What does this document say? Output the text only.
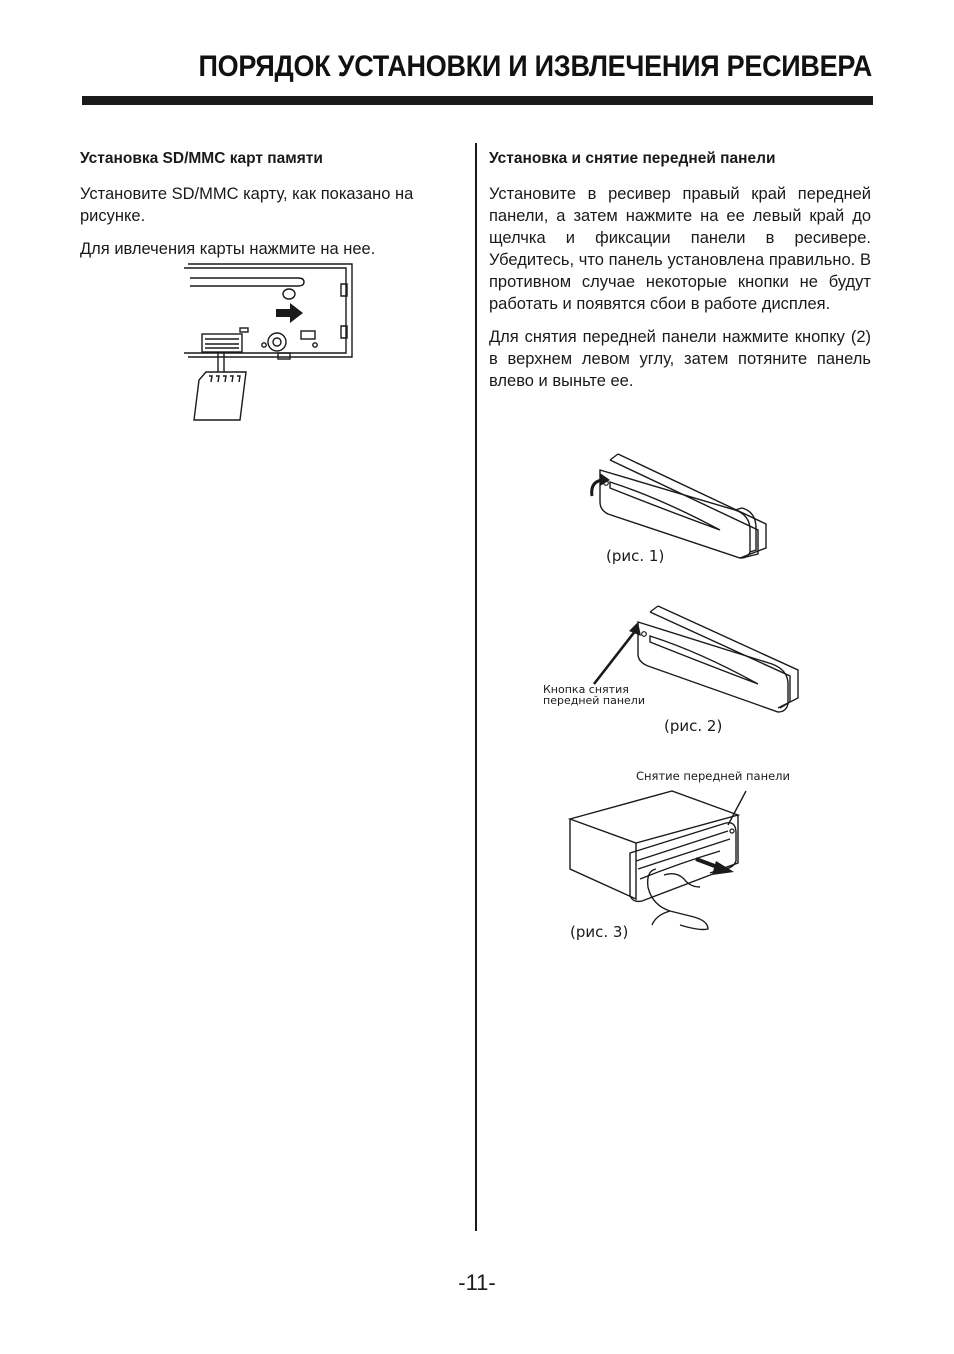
ПОРЯДОК УСТАНОВКИ И ИЗВЛЕЧЕНИЯ РЕСИВЕРА
Установка SD/MMC карт памяти

Установите SD/MMC карту, как показано на рисунке.

Для ивлечения карты нажмите на нее.

Установка и снятие передней панели

Установите в ресивер правый край передней панели, а затем нажмите на ее левый край до щелчка и фиксации панели в ресивере. Убедитесь, что панель установлена правильно. В противном случае некоторые кнопки не будут работать и появятся сбои в работе дисплея.

Для снятия передней панели нажмите кнопку (2) в верхнем левом углу, затем потяните панель влево и выньте ее.

(рис. 1)
Кнопка снятия
передней панели
(рис. 2)
Снятие передней панели
(рис. 3)
-11-
